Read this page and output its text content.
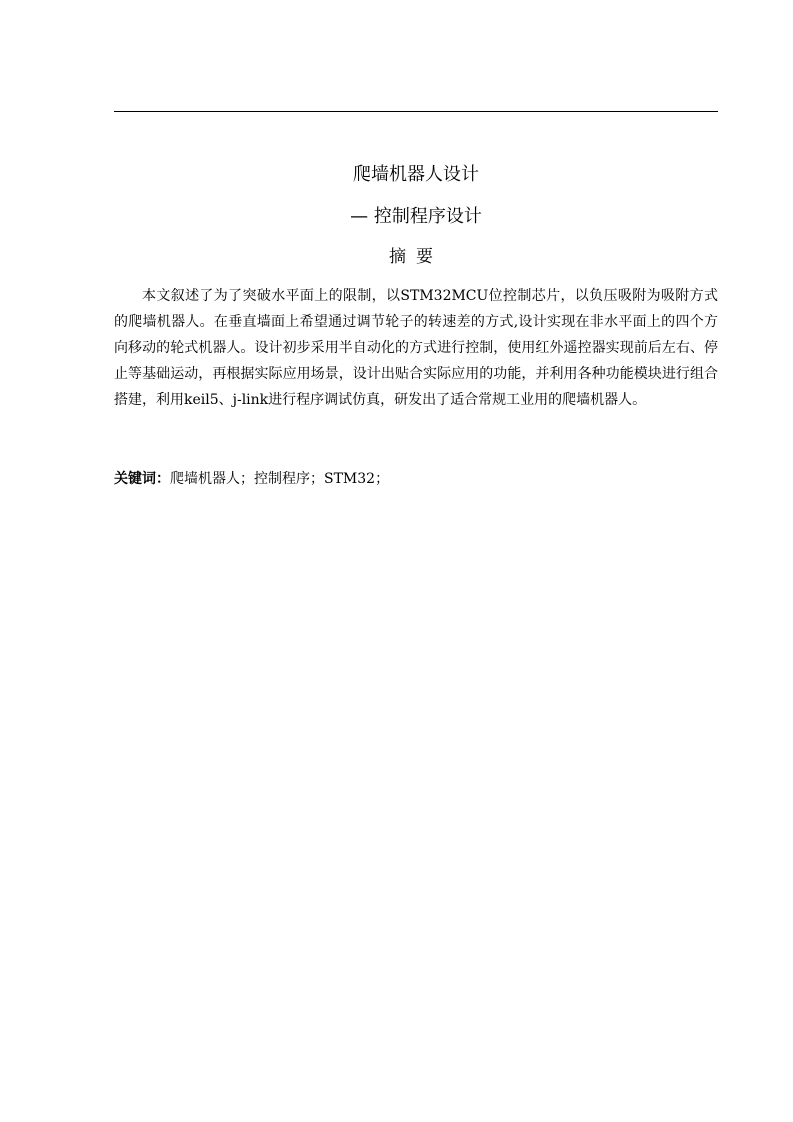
爬墙机器人设计
— 控制程序设计
摘要

本文叙述了为了突破水平面上的限制，以STM32MCU位控制芯片，以负压吸附为吸附方式的爬墙机器人。在垂直墙面上希望通过调节轮子的转速差的方式,设计实现在非水平面上的四个方向移动的轮式机器人。设计初步采用半自动化的方式进行控制，使用红外遥控器实现前后左右、停止等基础运动，再根据实际应用场景，设计出贴合实际应用的功能，并利用各种功能模块进行组合搭建，利用keil5、j-link进行程序调试仿真，研发出了适合常规工业用的爬墙机器人。

关键词：爬墙机器人；控制程序；STM32；
